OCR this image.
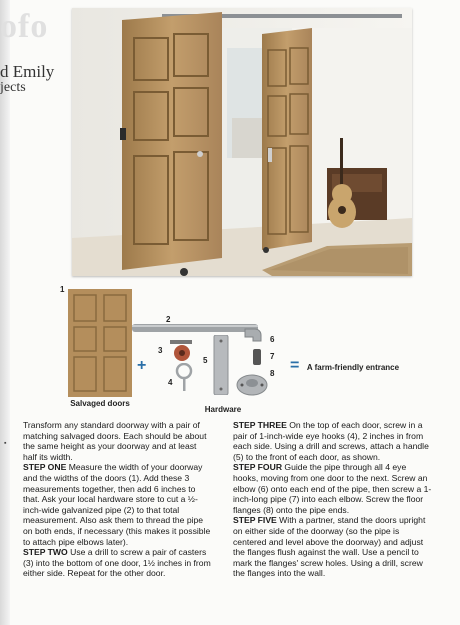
ofo
d Emily
jects
1
2
3
4
5
6
7
8
Salvaged doors
+
Hardware
= A farm-friendly entrance
▪

Transform any standard doorway with a pair of matching salvaged doors. Each should be about the same height as your doorway and at least half its width.

STEP ONE Measure the width of your doorway and the widths of the doors (1). Add these 3 measurements together, then add 6 inches to that. Ask your local hardware store to cut a ½-inch-wide galvanized pipe (2) to that total measurement. Also ask them to thread the pipe on both ends, if necessary (this makes it possible to attach pipe elbows later).

STEP TWO Use a drill to screw a pair of casters (3) into the bottom of one door, 1½ inches in from either side. Repeat for the other door.

STEP THREE On the top of each door, screw in a pair of 1-inch-wide eye hooks (4), 2 inches in from each side. Using a drill and screws, attach a handle (5) to the front of each door, as shown.

STEP FOUR Guide the pipe through all 4 eye hooks, moving from one door to the next. Screw an elbow (6) onto each end of the pipe, then screw a 1-inch-long pipe (7) into each elbow. Screw the floor flanges (8) onto the pipe ends.

STEP FIVE With a partner, stand the doors upright on either side of the doorway (so the pipe is centered and level above the doorway) and adjust the flanges flush against the wall. Use a pencil to mark the flanges' screw holes. Using a drill, screw the flanges into the wall.
